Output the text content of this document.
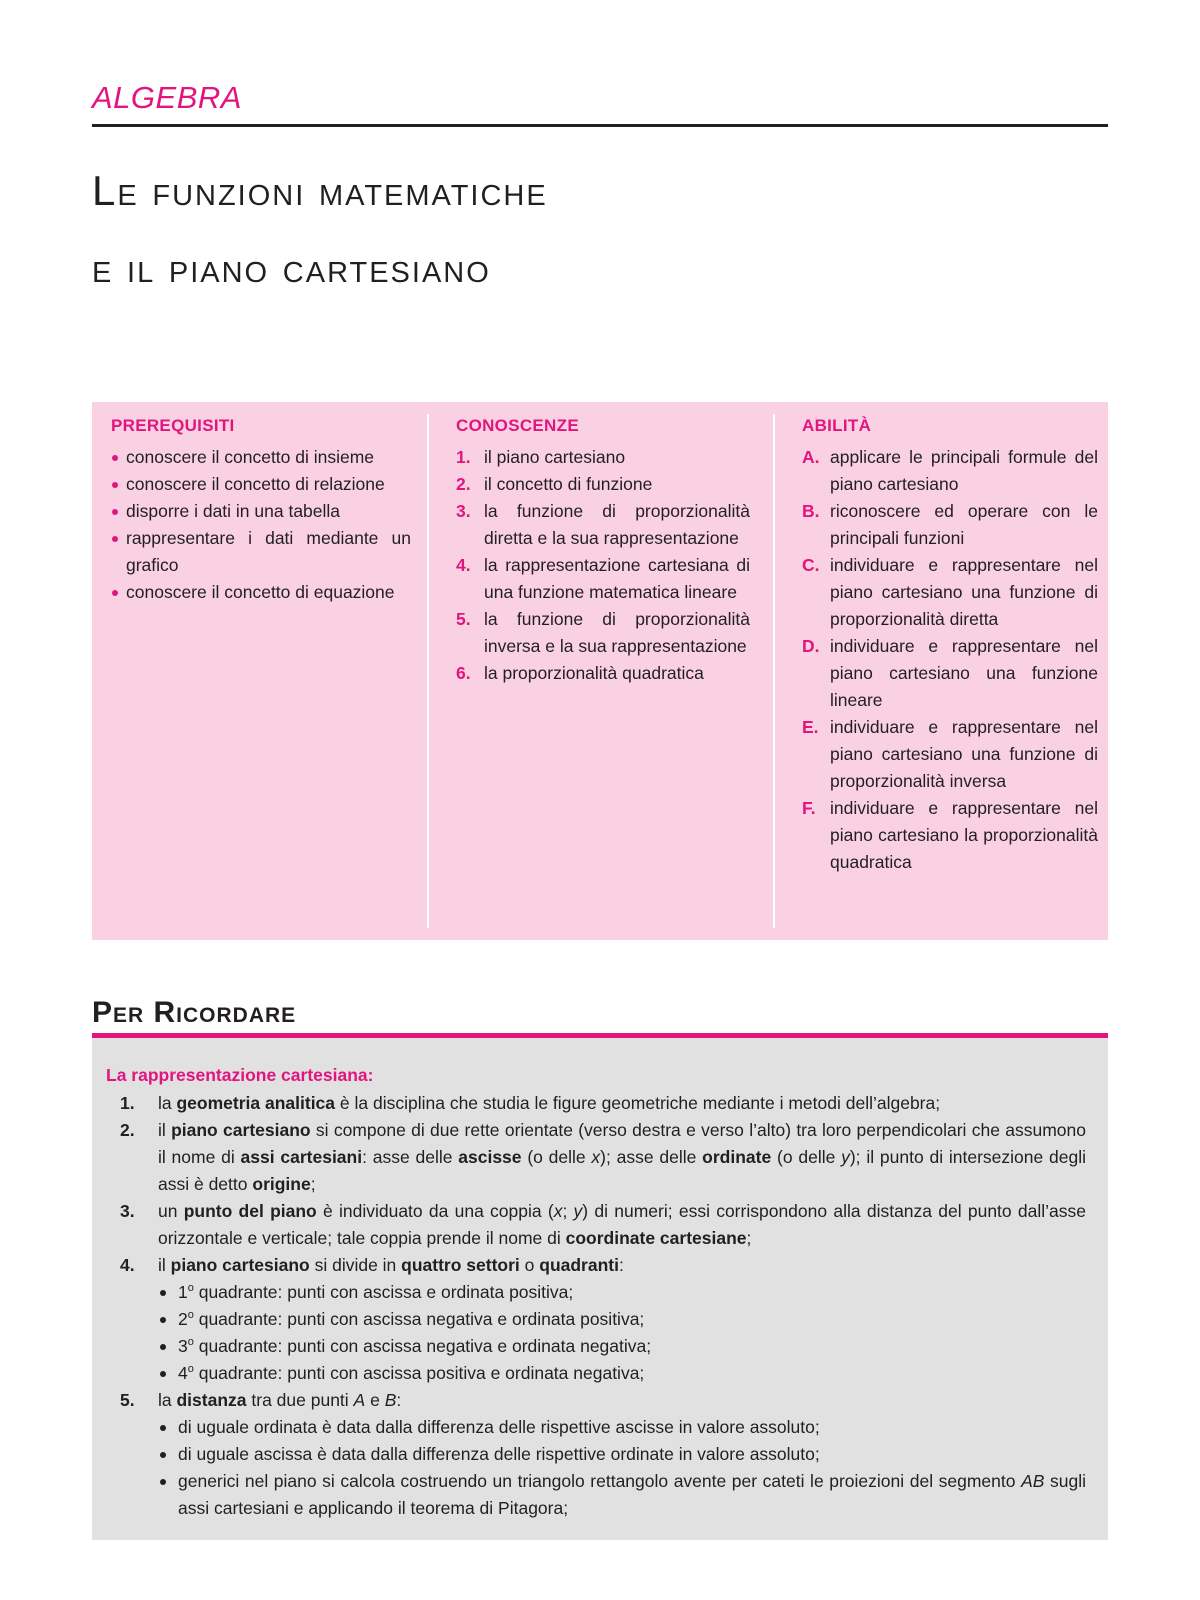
ALGEBRA
Le funzioni matematiche
e il piano cartesiano
PREREQUISITI
conoscere il concetto di insieme
conoscere il concetto di relazione
disporre i dati in una tabella
rappresentare i dati mediante un grafico
conoscere il concetto di equazione
CONOSCENZE
1. il piano cartesiano
2. il concetto di funzione
3. la funzione di proporzionalità diretta e la sua rappresentazione
4. la rappresentazione cartesiana di una funzione matematica lineare
5. la funzione di proporzionalità inversa e la sua rappresentazione
6. la proporzionalità quadratica
ABILITÀ
A. applicare le principali formule del piano cartesiano
B. riconoscere ed operare con le principali funzioni
C. individuare e rappresentare nel piano cartesiano una funzione di proporzionalità diretta
D. individuare e rappresentare nel piano cartesiano una funzione lineare
E. individuare e rappresentare nel piano cartesiano una funzione di proporzionalità inversa
F. individuare e rappresentare nel piano cartesiano la proporzionalità quadratica
Per Ricordare
La rappresentazione cartesiana:
1. la geometria analitica è la disciplina che studia le figure geometriche mediante i metodi dell’algebra;
2. il piano cartesiano si compone di due rette orientate (verso destra e verso l’alto) tra loro perpendicolari che assumono il nome di assi cartesiani: asse delle ascisse (o delle x); asse delle ordinate (o delle y); il punto di intersezione degli assi è detto origine;
3. un punto del piano è individuato da una coppia (x; y) di numeri; essi corrispondono alla distanza del punto dall’asse orizzontale e verticale; tale coppia prende il nome di coordinate cartesiane;
4. il piano cartesiano si divide in quattro settori o quadranti:
1$^o$ quadrante: punti con ascissa e ordinata positiva;
2$^o$ quadrante: punti con ascissa negativa e ordinata positiva;
3$^o$ quadrante: punti con ascissa negativa e ordinata negativa;
4$^o$ quadrante: punti con ascissa positiva e ordinata negativa;
5. la distanza tra due punti A e B:
di uguale ordinata è data dalla differenza delle rispettive ascisse in valore assoluto;
di uguale ascissa è data dalla differenza delle rispettive ordinate in valore assoluto;
generici nel piano si calcola costruendo un triangolo rettangolo avente per cateti le proiezioni del segmento AB sugli assi cartesiani e applicando il teorema di Pitagora;
